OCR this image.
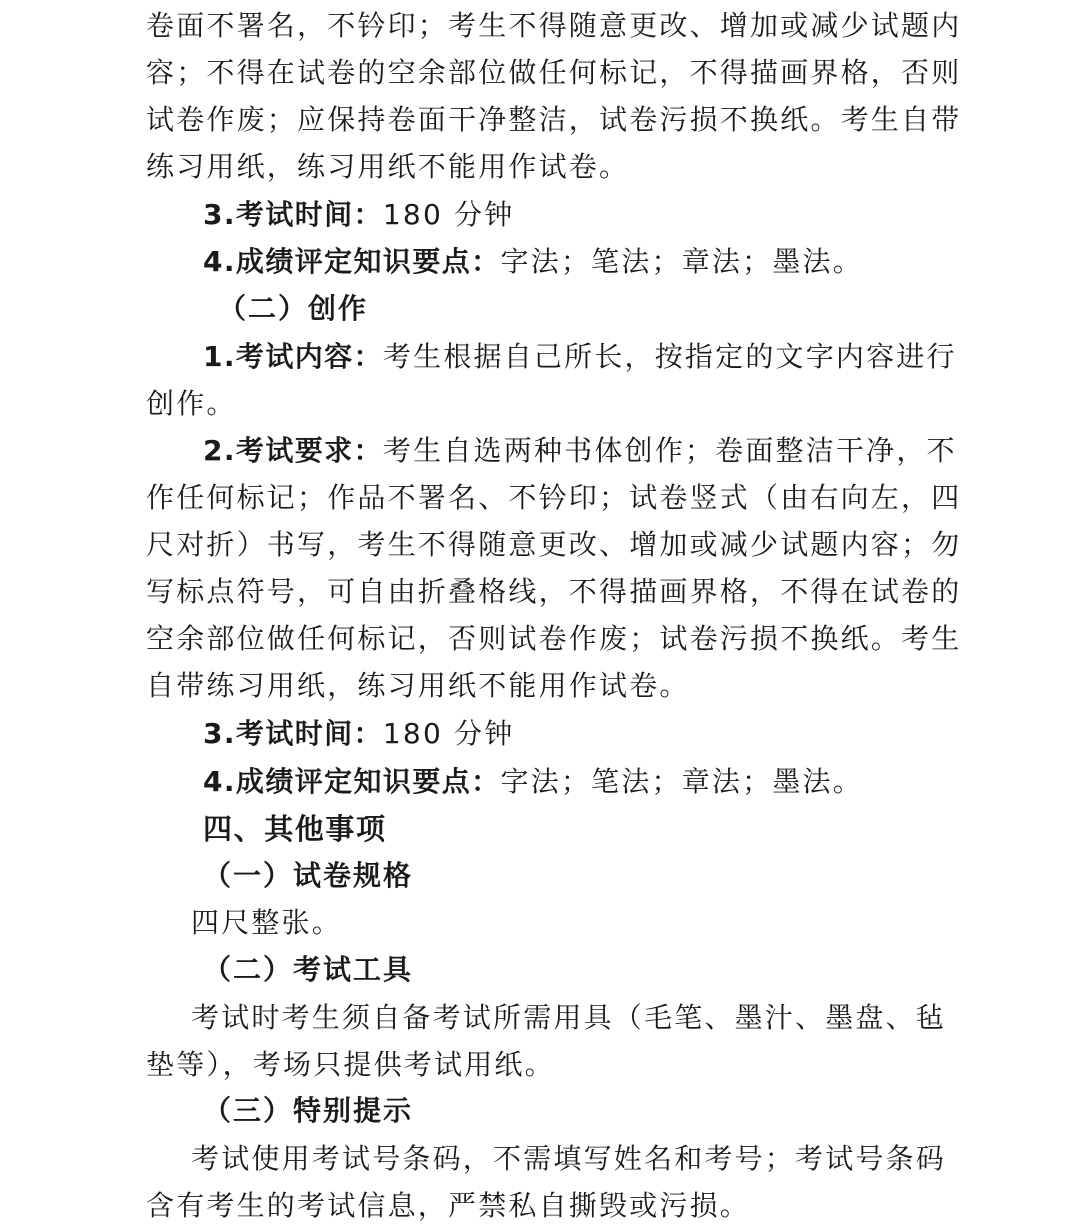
卷面不署名，不钤印；考生不得随意更改、增加或减少试题内
容；不得在试卷的空余部位做任何标记，不得描画界格，否则
试卷作废；应保持卷面干净整洁，试卷污损不换纸。考生自带
练习用纸，练习用纸不能用作试卷。
3.考试时间：180 分钟
4.成绩评定知识要点：字法；笔法；章法；墨法。
（二）创作
1.考试内容：考生根据自己所长，按指定的文字内容进行
创作。
2.考试要求：考生自选两种书体创作；卷面整洁干净，不
作任何标记；作品不署名、不钤印；试卷竖式（由右向左，四
尺对折）书写，考生不得随意更改、增加或减少试题内容；勿
写标点符号，可自由折叠格线，不得描画界格，不得在试卷的
空余部位做任何标记，否则试卷作废；试卷污损不换纸。考生
自带练习用纸，练习用纸不能用作试卷。
3.考试时间：180 分钟
4.成绩评定知识要点：字法；笔法；章法；墨法。
四、其他事项
（一）试卷规格
四尺整张。
（二）考试工具
考试时考生须自备考试所需用具（毛笔、墨汁、墨盘、毡
垫等），考场只提供考试用纸。
（三）特别提示
考试使用考试号条码，不需填写姓名和考号；考试号条码
含有考生的考试信息，严禁私自撕毁或污损。
